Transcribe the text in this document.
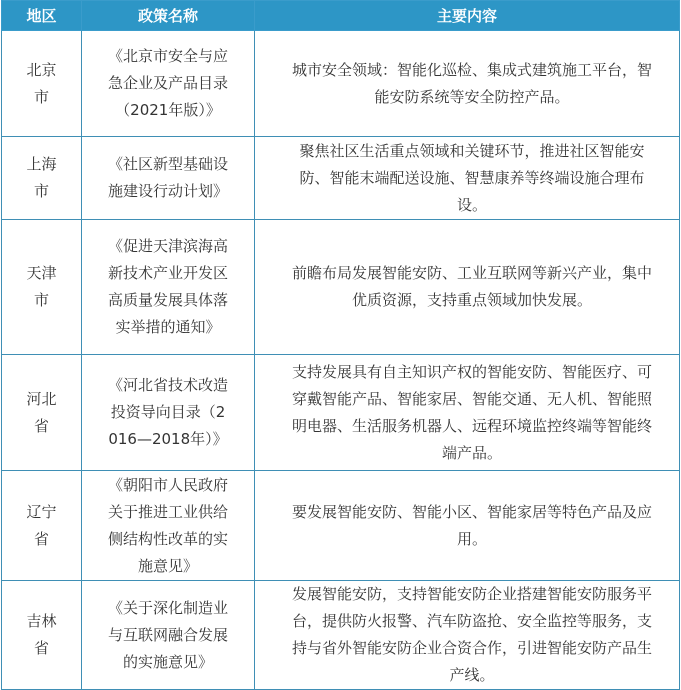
地区	政策名称	主要内容
北京市	《北京市安全与应急企业及产品目录（2021年版）》	城市安全领域：智能化巡检、集成式建筑施工平台，智能安防系统等安全防控产品。
上海市	《社区新型基础设施建设行动计划》	聚焦社区生活重点领域和关键环节，推进社区智能安防、智能末端配送设施、智慧康养等终端设施合理布设。
天津市	《促进天津滨海高新技术产业开发区高质量发展具体落实举措的通知》	前瞻布局发展智能安防、工业互联网等新兴产业，集中优质资源，支持重点领域加快发展。
河北省	《河北省技术改造投资导向目录（2016—2018年）》	支持发展具有自主知识产权的智能安防、智能医疗、可穿戴智能产品、智能家居、智能交通、无人机、智能照明电器、生活服务机器人、远程环境监控终端等智能终端产品。
辽宁省	《朝阳市人民政府关于推进工业供给侧结构性改革的实施意见》	要发展智能安防、智能小区、智能家居等特色产品及应用。
吉林省	《关于深化制造业与互联网融合发展的实施意见》	发展智能安防，支持智能安防企业搭建智能安防服务平台，提供防火报警、汽车防盗抢、安全监控等服务，支持与省外智能安防企业合资合作，引进智能安防产品生产线。
